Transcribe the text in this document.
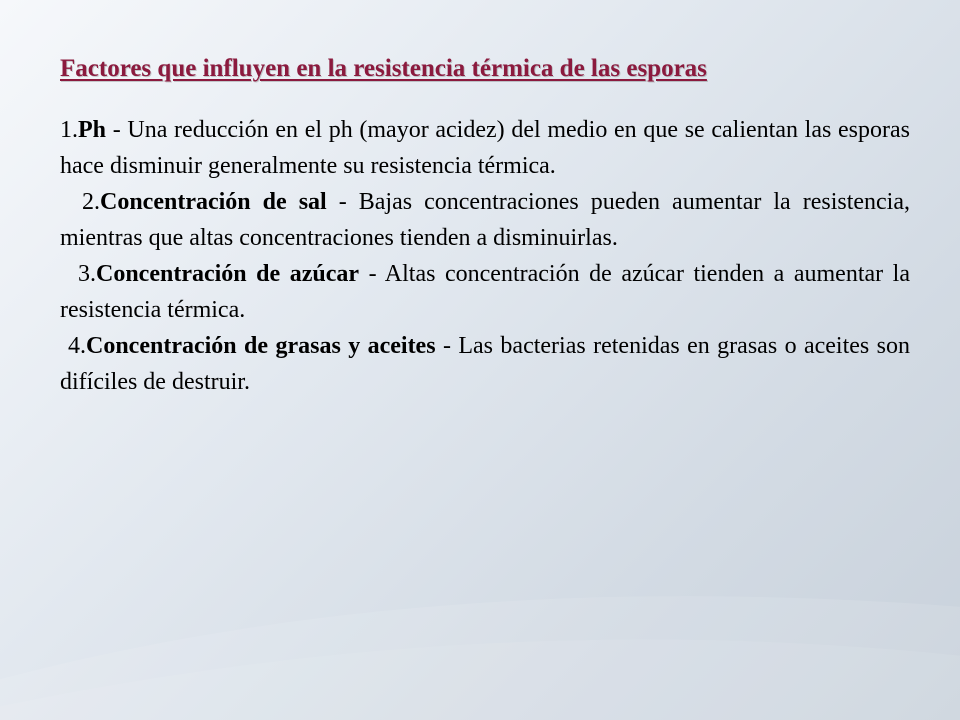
Factores que influyen en la resistencia térmica de las esporas

1.Ph - Una reducción en el ph (mayor acidez) del medio en que se calientan las esporas hace disminuir generalmente su resistencia térmica.

2.Concentración de sal - Bajas concentraciones pueden aumentar la resistencia, mientras que altas concentraciones tienden a disminuirlas.

3.Concentración de azúcar - Altas concentración de azúcar tienden a aumentar la resistencia térmica.

4.Concentración de grasas y aceites - Las bacterias retenidas en grasas o aceites son difíciles de destruir.
